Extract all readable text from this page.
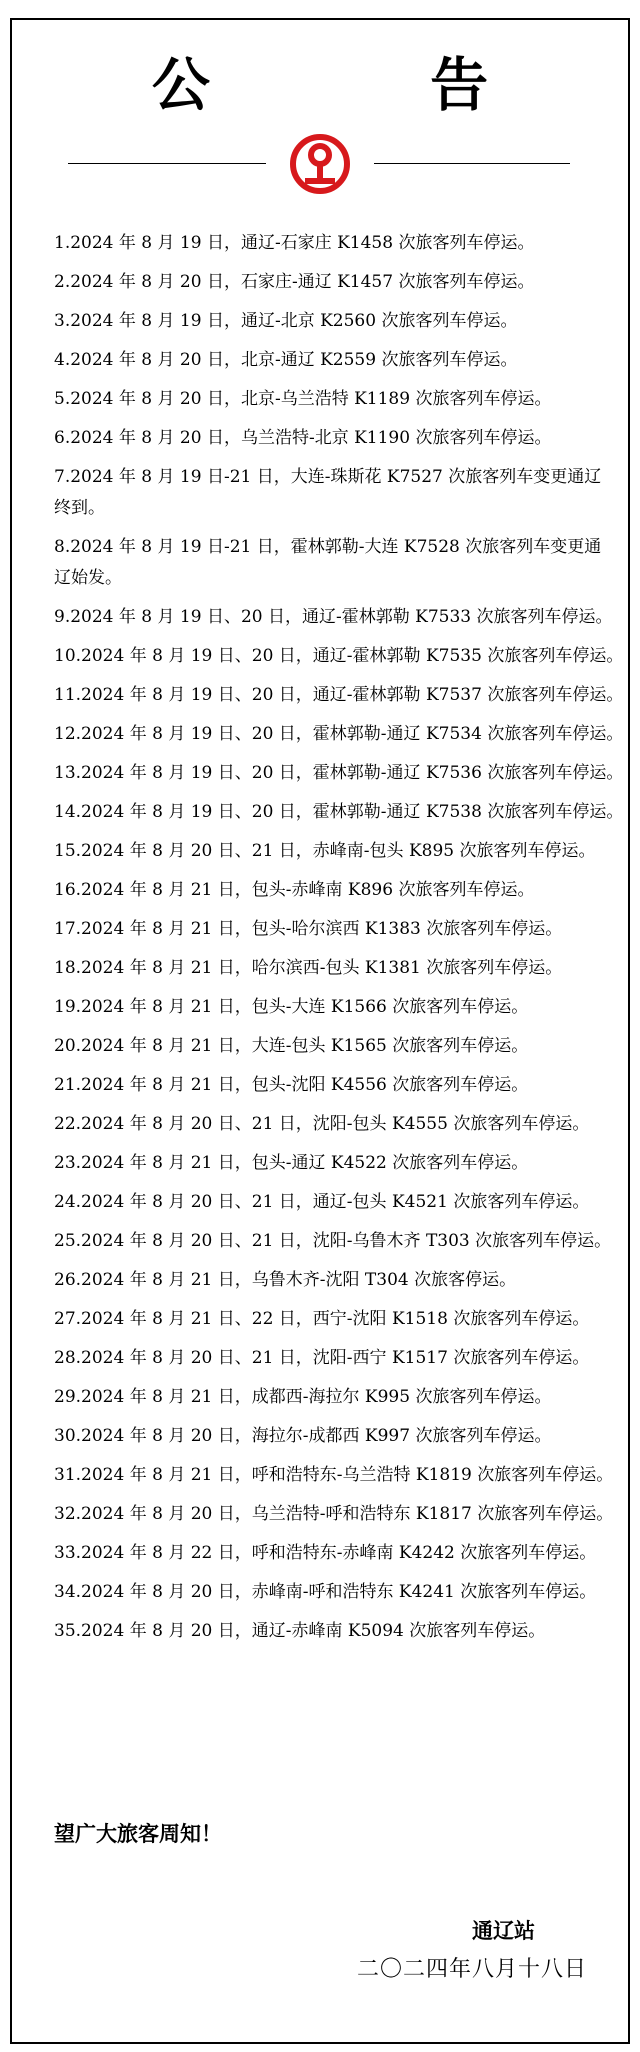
公 告
1.2024 年 8 月 19 日，通辽-石家庄 K1458 次旅客列车停运。
2.2024 年 8 月 20 日，石家庄-通辽 K1457 次旅客列车停运。
3.2024 年 8 月 19 日，通辽-北京 K2560 次旅客列车停运。
4.2024 年 8 月 20 日，北京-通辽 K2559 次旅客列车停运。
5.2024 年 8 月 20 日，北京-乌兰浩特 K1189 次旅客列车停运。
6.2024 年 8 月 20 日，乌兰浩特-北京 K1190 次旅客列车停运。
7.2024 年 8 月 19 日-21 日，大连-珠斯花 K7527 次旅客列车变更通辽终到。
8.2024 年 8 月 19 日-21 日，霍林郭勒-大连 K7528 次旅客列车变更通辽始发。
9.2024 年 8 月 19 日、20 日，通辽-霍林郭勒 K7533 次旅客列车停运。
10.2024 年 8 月 19 日、20 日，通辽-霍林郭勒 K7535 次旅客列车停运。
11.2024 年 8 月 19 日、20 日，通辽-霍林郭勒 K7537 次旅客列车停运。
12.2024 年 8 月 19 日、20 日，霍林郭勒-通辽 K7534 次旅客列车停运。
13.2024 年 8 月 19 日、20 日，霍林郭勒-通辽 K7536 次旅客列车停运。
14.2024 年 8 月 19 日、20 日，霍林郭勒-通辽 K7538 次旅客列车停运。
15.2024 年 8 月 20 日、21 日，赤峰南-包头 K895 次旅客列车停运。
16.2024 年 8 月 21 日，包头-赤峰南 K896 次旅客列车停运。
17.2024 年 8 月 21 日，包头-哈尔滨西 K1383 次旅客列车停运。
18.2024 年 8 月 21 日，哈尔滨西-包头 K1381 次旅客列车停运。
19.2024 年 8 月 21 日，包头-大连 K1566 次旅客列车停运。
20.2024 年 8 月 21 日，大连-包头 K1565 次旅客列车停运。
21.2024 年 8 月 21 日，包头-沈阳 K4556 次旅客列车停运。
22.2024 年 8 月 20 日、21 日，沈阳-包头 K4555 次旅客列车停运。
23.2024 年 8 月 21 日，包头-通辽 K4522 次旅客列车停运。
24.2024 年 8 月 20 日、21 日，通辽-包头 K4521 次旅客列车停运。
25.2024 年 8 月 20 日、21 日，沈阳-乌鲁木齐 T303 次旅客列车停运。
26.2024 年 8 月 21 日，乌鲁木齐-沈阳 T304 次旅客停运。
27.2024 年 8 月 21 日、22 日，西宁-沈阳 K1518 次旅客列车停运。
28.2024 年 8 月 20 日、21 日，沈阳-西宁 K1517 次旅客列车停运。
29.2024 年 8 月 21 日，成都西-海拉尔 K995 次旅客列车停运。
30.2024 年 8 月 20 日，海拉尔-成都西 K997 次旅客列车停运。
31.2024 年 8 月 21 日，呼和浩特东-乌兰浩特 K1819 次旅客列车停运。
32.2024 年 8 月 20 日，乌兰浩特-呼和浩特东 K1817 次旅客列车停运。
33.2024 年 8 月 22 日，呼和浩特东-赤峰南 K4242 次旅客列车停运。
34.2024 年 8 月 20 日，赤峰南-呼和浩特东 K4241 次旅客列车停运。
35.2024 年 8 月 20 日，通辽-赤峰南 K5094 次旅客列车停运。
望广大旅客周知！
通辽站
二〇二四年八月十八日
